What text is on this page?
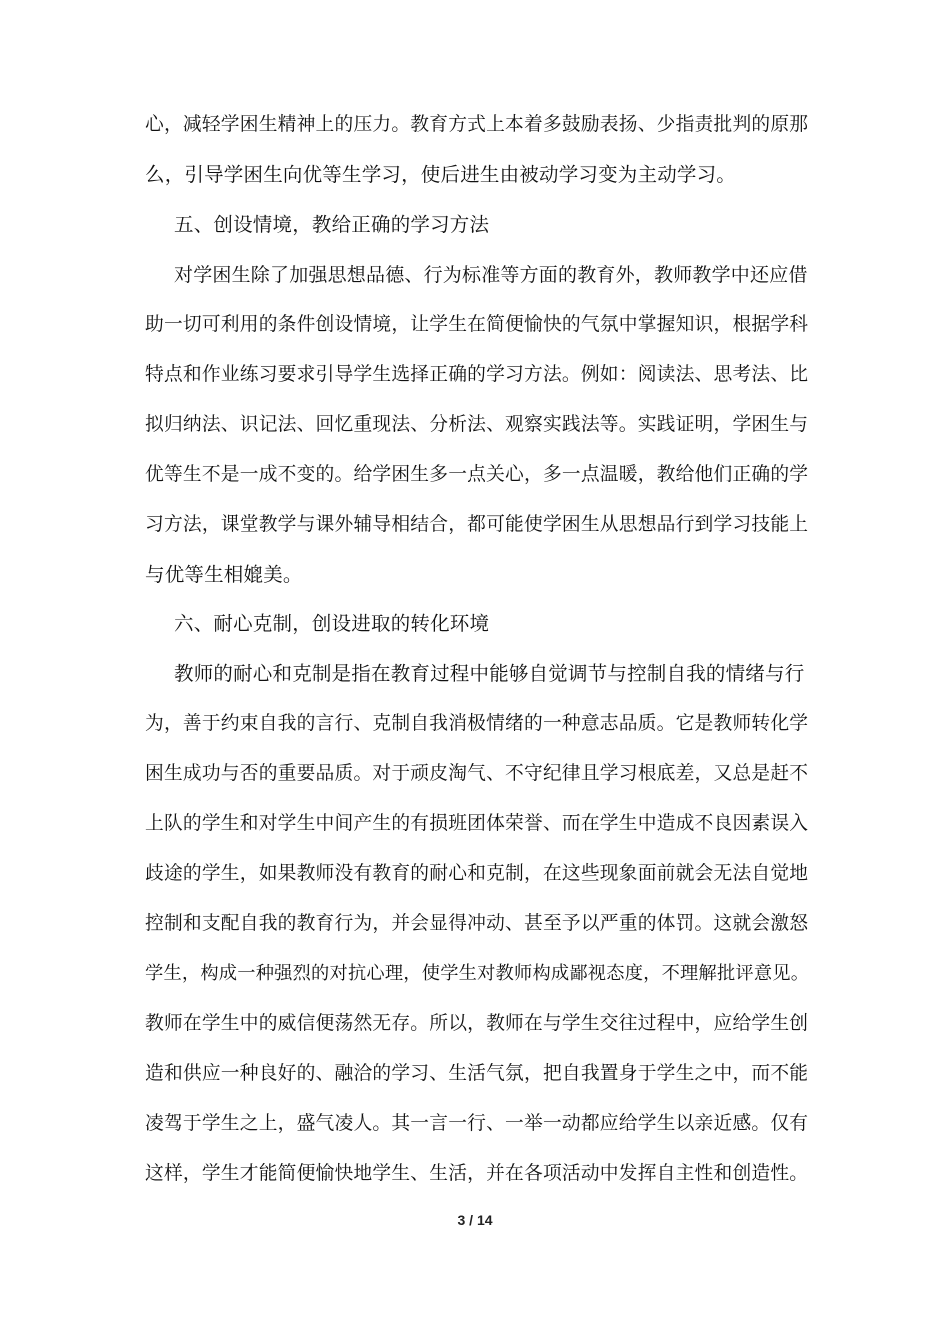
心，减轻学困生精神上的压力。教育方式上本着多鼓励表扬、少指责批判的原那
么，引导学困生向优等生学习，使后进生由被动学习变为主动学习。
五、创设情境，教给正确的学习方法
对学困生除了加强思想品德、行为标准等方面的教育外，教师教学中还应借
助一切可利用的条件创设情境，让学生在简便愉快的气氛中掌握知识，根据学科
特点和作业练习要求引导学生选择正确的学习方法。例如：阅读法、思考法、比
拟归纳法、识记法、回忆重现法、分析法、观察实践法等。实践证明，学困生与
优等生不是一成不变的。给学困生多一点关心，多一点温暖，教给他们正确的学
习方法，课堂教学与课外辅导相结合，都可能使学困生从思想品行到学习技能上
与优等生相媲美。
六、耐心克制，创设进取的转化环境
教师的耐心和克制是指在教育过程中能够自觉调节与控制自我的情绪与行
为，善于约束自我的言行、克制自我消极情绪的一种意志品质。它是教师转化学
困生成功与否的重要品质。对于顽皮淘气、不守纪律且学习根底差，又总是赶不
上队的学生和对学生中间产生的有损班团体荣誉、而在学生中造成不良因素误入
歧途的学生，如果教师没有教育的耐心和克制，在这些现象面前就会无法自觉地
控制和支配自我的教育行为，并会显得冲动、甚至予以严重的体罚。这就会激怒
学生，构成一种强烈的对抗心理，使学生对教师构成鄙视态度，不理解批评意见。
教师在学生中的威信便荡然无存。所以，教师在与学生交往过程中，应给学生创
造和供应一种良好的、融洽的学习、生活气氛，把自我置身于学生之中，而不能
凌驾于学生之上，盛气凌人。其一言一行、一举一动都应给学生以亲近感。仅有
这样，学生才能简便愉快地学生、生活，并在各项活动中发挥自主性和创造性。
3 / 14
